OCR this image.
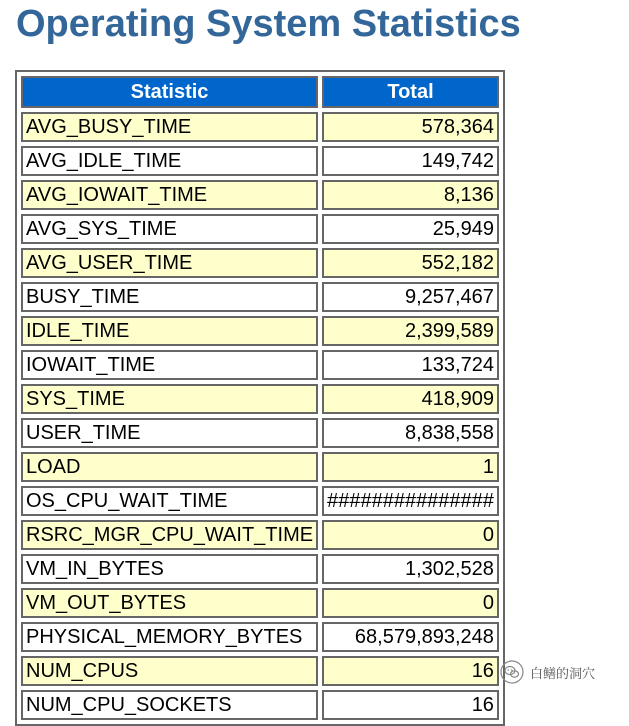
Operating System Statistics
Statistic	Total
AVG_BUSY_TIME	578,364
AVG_IDLE_TIME	149,742
AVG_IOWAIT_TIME	8,136
AVG_SYS_TIME	25,949
AVG_USER_TIME	552,182
BUSY_TIME	9,257,467
IDLE_TIME	2,399,589
IOWAIT_TIME	133,724
SYS_TIME	418,909
USER_TIME	8,838,558
LOAD	1
OS_CPU_WAIT_TIME	###############
RSRC_MGR_CPU_WAIT_TIME	0
VM_IN_BYTES	1,302,528
VM_OUT_BYTES	0
PHYSICAL_MEMORY_BYTES	68,579,893,248
NUM_CPUS	16
NUM_CPU_SOCKETS	16
白鳝的洞穴
